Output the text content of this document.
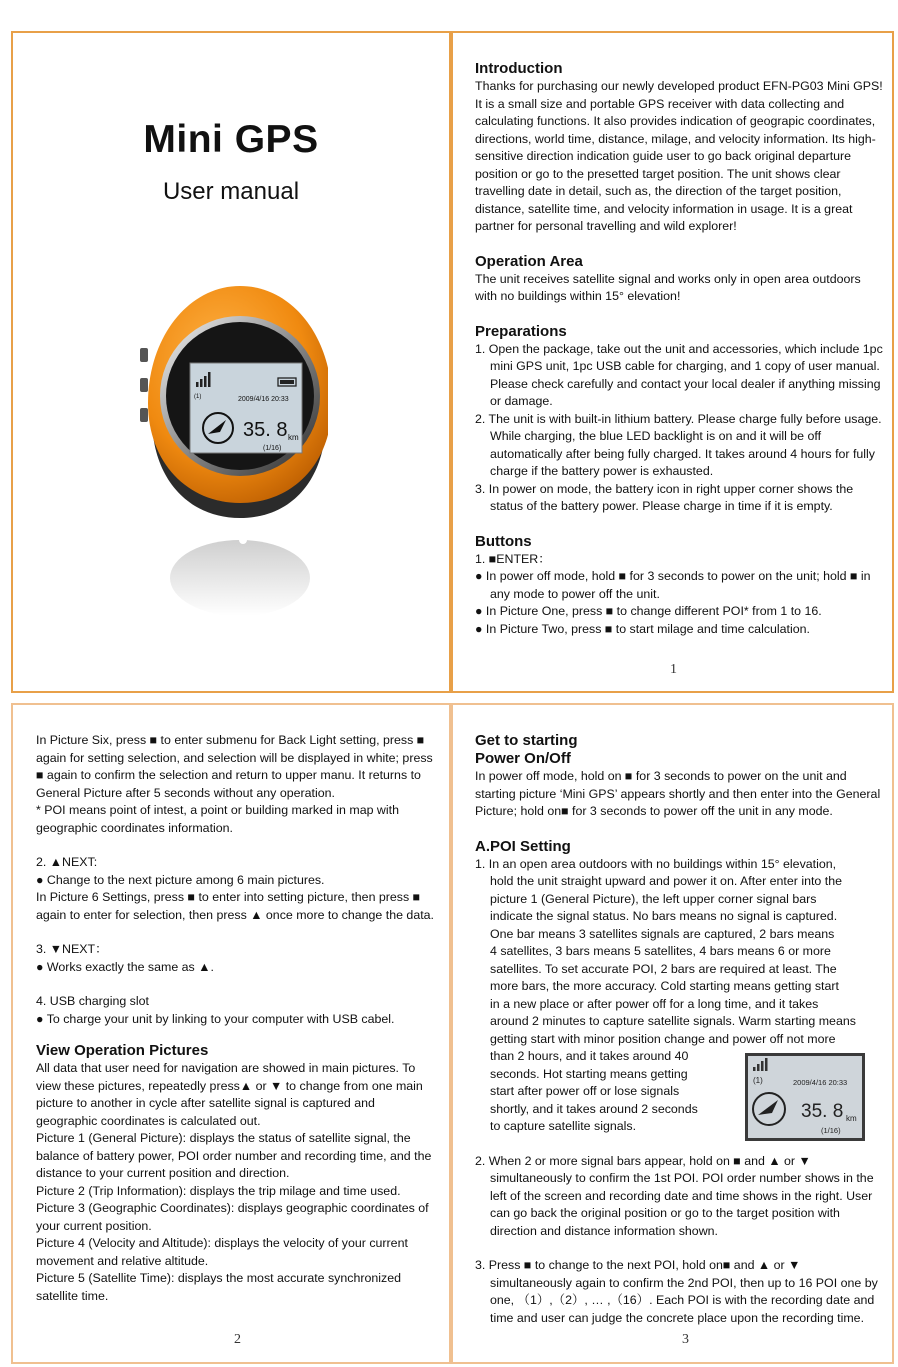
Mini GPS
User manual
2009/4/16 20:33
(1)
35. 8 km
(1/16)
Introduction

Thanks for purchasing our newly developed product EFN-PG03 Mini GPS! It is a small size and portable GPS receiver with data collecting and calculating functions. It also provides indication of geograpic coordinates, directions, world time, distance, milage, and velocity information. Its high-sensitive direction indication guide user to go back original departure position or go to the presetted target position. The unit shows clear travelling date in detail, such as, the direction of the target position, distance, satellite time, and velocity information in usage. It is a great partner for personal travelling and wild explorer!

Operation Area

The unit receives satellite signal and works only in open area outdoors with no buildings within 15° elevation!

Preparations

1. Open the package, take out the unit and accessories, which include 1pc mini GPS unit, 1pc USB cable for charging, and 1 copy of user manual. Please check carefully and contact your local dealer if anything missing or damage.

2. The unit is with built-in lithium battery. Please charge fully before usage. While charging, the blue LED backlight is on and it will be off automatically after being fully charged. It takes around 4 hours for fully charge if the battery power is exhausted.

3. In power on mode, the battery icon in right upper corner shows the status of the battery power. Please charge in time if it is empty.

Buttons

1. ■ENTER：

● In power off mode, hold ■ for 3 seconds to power on the unit; hold ■ in any mode to power off the unit.

● In Picture One, press ■ to change different POI* from 1 to 16.

● In Picture Two, press ■ to start milage and time calculation.

1

In Picture Six, press ■ to enter submenu for Back Light setting, press ■ again for setting selection, and selection will be displayed in white; press ■ again to confirm the selection and return to upper manu. It returns to General Picture after 5 seconds without any operation.

* POI means point of intest, a point or building marked in map with geographic coordinates information.

2. ▲NEXT:

● Change to the next picture among 6 main pictures.

In Picture 6 Settings, press ■ to enter into setting picture, then press ■ again to enter for selection, then press ▲ once more to change the data.

3. ▼NEXT：

● Works exactly the same as ▲.

4. USB charging slot

● To charge your unit by linking to your computer with USB cabel.

View Operation Pictures

All data that user need for navigation are showed in main pictures. To view these pictures, repeatedly press▲ or ▼ to change from one main picture to another in cycle after satellite signal is captured and geographic coordinates is calculated out.

Picture 1 (General Picture): displays the status of satellite signal, the balance of battery power, POI order number and recording time, and the distance to your current position and direction.

Picture 2 (Trip Information): displays the trip milage and time used.

Picture 3 (Geographic Coordinates): displays geographic coordinates of your current position.

Picture 4 (Velocity and Altitude): displays the velocity of your current movement and relative altitude.

Picture 5 (Satellite Time): displays the most accurate synchronized satellite time.

2
Get to starting
Power On/Off

In power off mode, hold on ■ for 3 seconds to power on the unit and starting picture ‘Mini GPS’ appears shortly and then enter into the General Picture; hold on■ for 3 seconds to power off the unit in any mode.

A.POI Setting
1. In an open area outdoors with no buildings within 15° elevation,
hold the unit straight upward and power it on. After enter into the
picture 1 (General Picture), the left upper corner signal bars
indicate the signal status. No bars means no signal is captured.
One bar means 3 satellites signals are captured, 2 bars means
4 satellites, 3 bars means 5 satellites, 4 bars means 6 or more
satellites. To set accurate POI, 2 bars are required at least. The
more bars, the more accuracy. Cold starting means getting start
in a new place or after power off for a long time, and it takes
around 2 minutes to capture satellite signals. Warm starting means
getting start with minor position change and power off not more
than 2 hours, and it takes around 40
seconds. Hot starting means getting
start after power off or lose signals
shortly, and it takes around 2 seconds
to capture satellite signals.

2. When 2 or more signal bars appear, hold on ■ and ▲ or ▼ simultaneously to confirm the 1st POI. POI order number shows in the left of the screen and recording date and time shows in the right. User can go back the original position or go to the target position with direction and distance information shown.

3. Press ■ to change to the next POI, hold on■ and ▲ or ▼ simultaneously again to confirm the 2nd POI, then up to 16 POI one by one, （1）,（2）, … ,（16）. Each POI is with the recording date and time and user can judge the concrete place upon the recording time.

(1)	2009/4/16 20:33
35. 8 km
(1/16)
3
